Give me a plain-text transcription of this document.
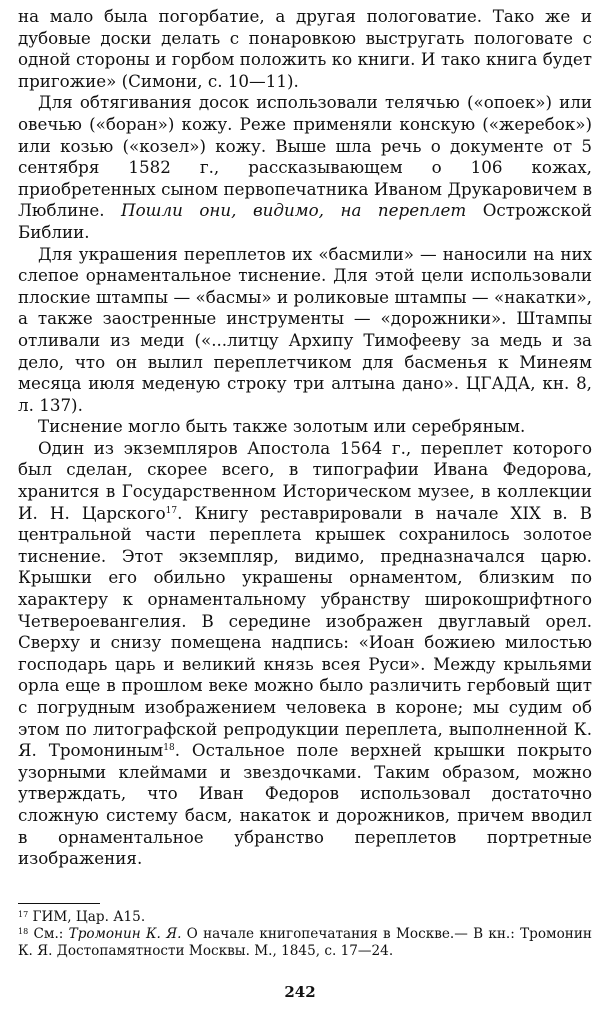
на мало была погорбатие, а другая пологоватие. Тако же и дубовые доски делать с понаровкою выстругать пологовате с одной стороны и горбом положить ко книги. И тако книга будет пригожие» (Симони, с. 10—11).

Для обтягивания досок использовали телячью («опоек») или овечью («боран») кожу. Реже применяли конскую («жеребок») или козью («козел») кожу. Выше шла речь о документе от 5 сентября 1582 г., рассказывающем о 106 кожах, приобретенных сыном первопечатника Иваном Друкаровичем в Люблине. Пошли они, видимо, на переплет Острожской Библии.

Для украшения переплетов их «басмили» — наносили на них слепое орнаментальное тиснение. Для этой цели использовали плоские штампы — «басмы» и роликовые штампы — «накатки», а также заостренные инструменты — «дорожники». Штампы отливали из меди («...литцу Архипу Тимофееву за медь и за дело, что он вылил переплетчиком для басменья к Минеям месяца июля меденую строку три алтына дано». ЦГАДА, кн. 8, л. 137).

Тиснение могло быть также золотым или серебряным.

Один из экземпляров Апостола 1564 г., переплет которого был сделан, скорее всего, в типографии Ивана Федорова, хранится в Государственном Историческом музее, в коллекции И. Н. Царского$^{17}$. Книгу реставрировали в начале XIX в. В центральной части переплета крышек сохранилось золотое тиснение. Этот экземпляр, видимо, предназначался царю. Крышки его обильно украшены орнаментом, близким по характеру к орнаментальному убранству широкошрифтного Четвероевангелия. В середине изображен двуглавый орел. Сверху и снизу помещена надпись: «Иоан божиею милостью господарь царь и великий князь всея Руси». Между крыльями орла еще в прошлом веке можно было различить гербовый щит с погрудным изображением человека в короне; мы судим об этом по литографской репродукции переплета, выполненной К. Я. Тромониным$^{18}$. Остальное поле верхней крышки покрыто узорными клеймами и звездочками. Таким образом, можно утверждать, что Иван Федоров использовал достаточно сложную систему басм, накаток и дорожников, причем вводил в орнаментальное убранство переплетов портретные изображения.

$^{17}$ ГИМ, Цар. А15.

$^{18}$ См.: Тромонин К. Я. О начале книгопечатания в Москве.— В кн.: Тромонин К. Я. Достопамятности Москвы. М., 1845, с. 17—24.

242
